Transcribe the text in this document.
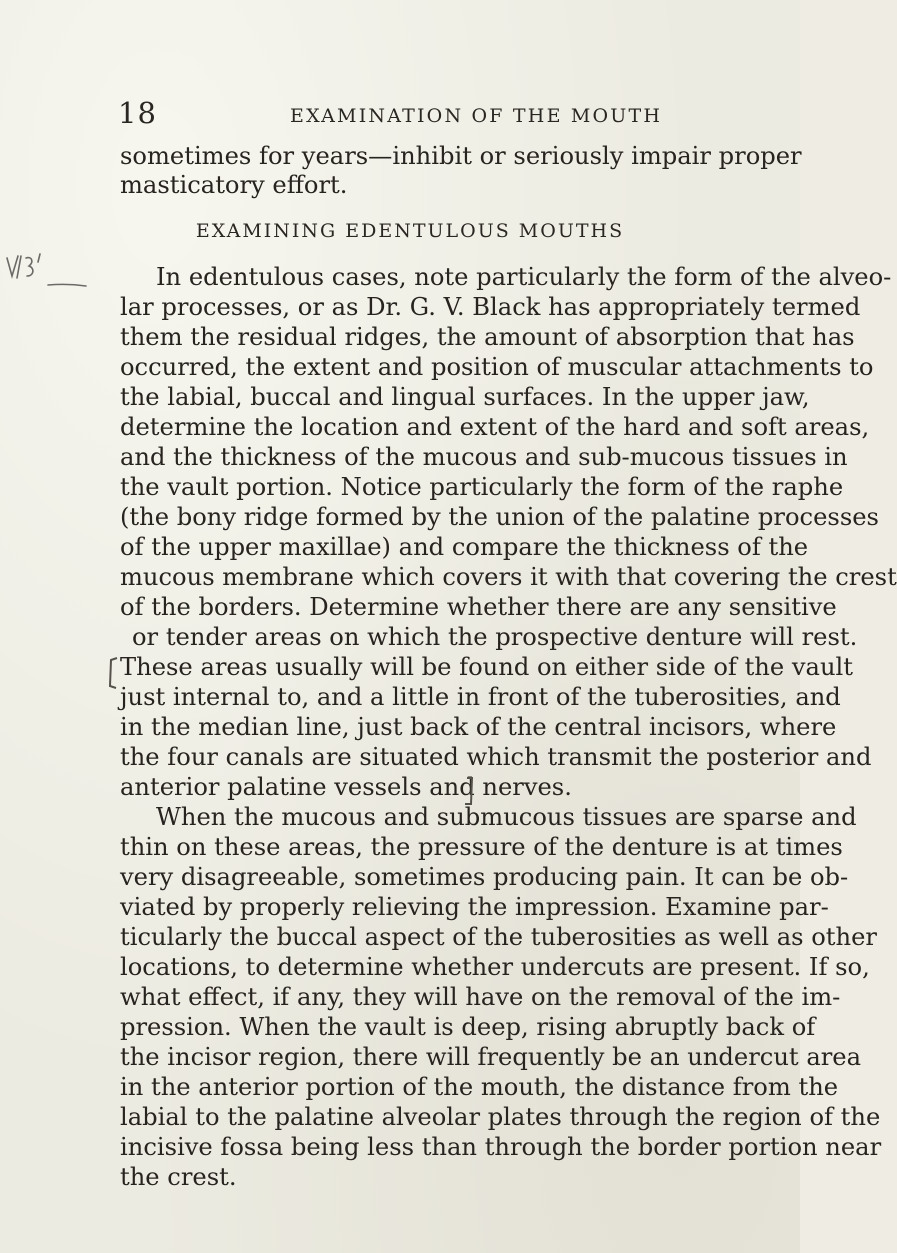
18	EXAMINATION OF THE MOUTH
sometimes for years—inhibit or seriously impair proper
masticatory effort.
In edentulous cases, note particularly the form of the alveo-
lar processes, or as Dr. G. V. Black has appropriately termed
them the residual ridges, the amount of absorption that has
occurred, the extent and position of muscular attachments to
the labial, buccal and lingual surfaces. In the upper jaw,
determine the location and extent of the hard and soft areas,
and the thickness of the mucous and sub-mucous tissues in
the vault portion. Notice particularly the form of the raphe
(the bony ridge formed by the union of the palatine processes
of the upper maxillae) and compare the thickness of the
mucous membrane which covers it with that covering the crest
of the borders. Determine whether there are any sensitive
or tender areas on which the prospective denture will rest.
These areas usually will be found on either side of the vault
just internal to, and a little in front of the tuberosities, and
in the median line, just back of the central incisors, where
the four canals are situated which transmit the posterior and
anterior palatine vessels and nerves.
When the mucous and submucous tissues are sparse and
thin on these areas, the pressure of the denture is at times
very disagreeable, sometimes producing pain. It can be ob-
viated by properly relieving the impression. Examine par-
ticularly the buccal aspect of the tuberosities as well as other
locations, to determine whether undercuts are present. If so,
what effect, if any, they will have on the removal of the im-
pression. When the vault is deep, rising abruptly back of
the incisor region, there will frequently be an undercut area
in the anterior portion of the mouth, the distance from the
labial to the palatine alveolar plates through the region of the
incisive fossa being less than through the border portion near
the crest.
EXAMINING EDENTULOUS MOUTHS
